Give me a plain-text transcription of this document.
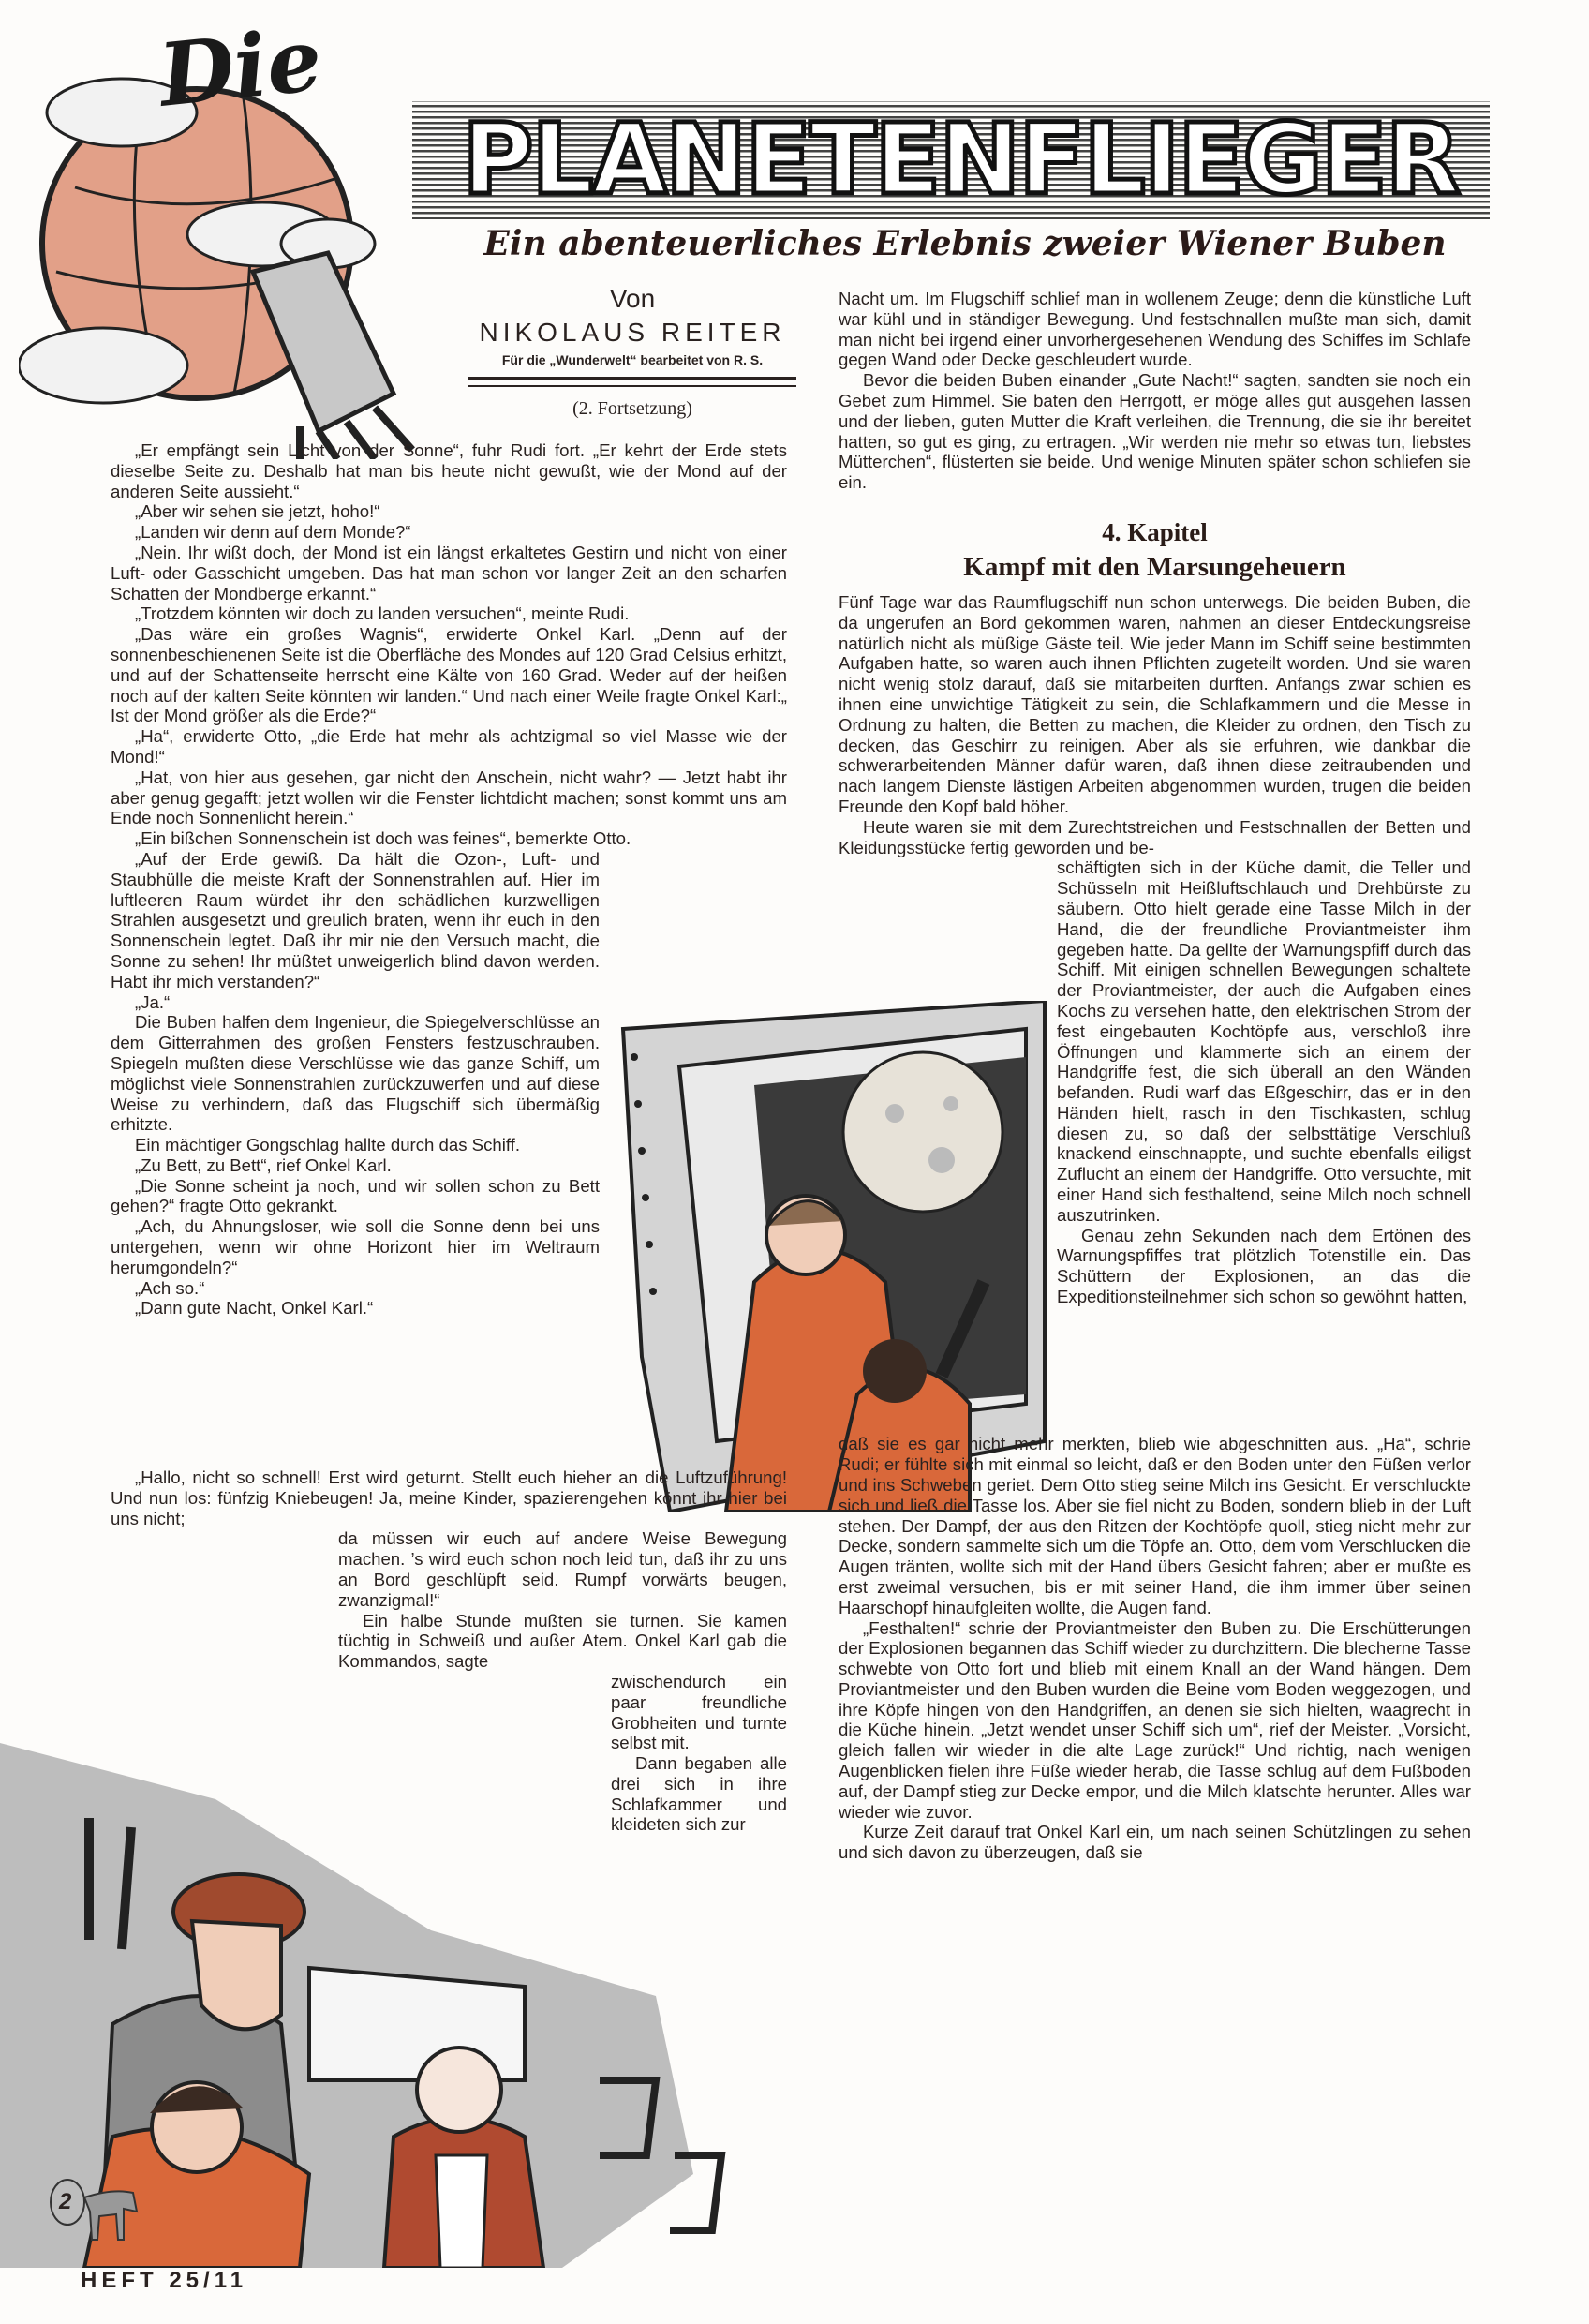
Die
PLANETENFLIEGER
Ein abenteuerliches Erlebnis zweier Wiener Buben
Von
NIKOLAUS REITER
Für die „Wunderwelt“ bearbeitet von R. S.
(2. Fortsetzung)

„Er empfängt sein Licht von der Sonne“, fuhr Rudi fort. „Er kehrt der Erde stets dieselbe Seite zu. Deshalb hat man bis heute nicht gewußt, wie der Mond auf der anderen Seite aussieht.“

„Aber wir sehen sie jetzt, hoho!“

„Landen wir denn auf dem Monde?“

„Nein. Ihr wißt doch, der Mond ist ein längst erkaltetes Gestirn und nicht von einer Luft- oder Gasschicht umgeben. Das hat man schon vor langer Zeit an den scharfen Schatten der Mondberge erkannt.“

„Trotzdem könnten wir doch zu landen versuchen“, meinte Rudi.

„Das wäre ein großes Wagnis“, erwiderte Onkel Karl. „Denn auf der sonnenbeschienenen Seite ist die Oberfläche des Mondes auf 120 Grad Celsius erhitzt, und auf der Schattenseite herrscht eine Kälte von 160 Grad. Weder auf der heißen noch auf der kalten Seite könnten wir landen.“ Und nach einer Weile fragte Onkel Karl:„ Ist der Mond größer als die Erde?“

„Ha“, erwiderte Otto, „die Erde hat mehr als achtzigmal so viel Masse wie der Mond!“

„Hat, von hier aus gesehen, gar nicht den Anschein, nicht wahr? — Jetzt habt ihr aber genug gegafft; jetzt wollen wir die Fenster lichtdicht machen; sonst kommt uns am Ende noch Sonnenlicht herein.“

„Ein bißchen Sonnenschein ist doch was feines“, bemerkte Otto.

„Auf der Erde gewiß. Da hält die Ozon-, Luft- und Staubhülle die meiste Kraft der Sonnenstrahlen auf. Hier im luftleeren Raum würdet ihr den schädlichen kurzwelligen Strahlen ausgesetzt und greulich braten, wenn ihr euch in den Sonnenschein legtet. Daß ihr mir nie den Versuch macht, die Sonne zu sehen! Ihr müßtet unweigerlich blind davon werden. Habt ihr mich verstanden?“

„Ja.“

Die Buben halfen dem Ingenieur, die Spiegelverschlüsse an dem Gitterrahmen des großen Fensters festzuschrauben. Spiegeln mußten diese Verschlüsse wie das ganze Schiff, um möglichst viele Sonnenstrahlen zurückzuwerfen und auf diese Weise zu verhindern, daß das Flugschiff sich übermäßig erhitzte.

Ein mächtiger Gongschlag hallte durch das Schiff.

„Zu Bett, zu Bett“, rief Onkel Karl.

„Die Sonne scheint ja noch, und wir sollen schon zu Bett gehen?“ fragte Otto gekrankt.

„Ach, du Ahnungsloser, wie soll die Sonne denn bei uns untergehen, wenn wir ohne Horizont hier im Weltraum herumgondeln?“

„Ach so.“

„Dann gute Nacht, Onkel Karl.“

„Hallo, nicht so schnell! Erst wird geturnt. Stellt euch hieher an die Luftzuführung! Und nun los: fünfzig Kniebeugen! Ja, meine Kinder, spazierengehen könnt ihr hier bei uns nicht;

da müssen wir euch auf andere Weise Bewegung machen. ’s wird euch schon noch leid tun, daß ihr zu uns an Bord geschlüpft seid. Rumpf vorwärts beugen, zwanzigmal!“

Ein halbe Stunde mußten sie turnen. Sie kamen tüchtig in Schweiß und außer Atem. Onkel Karl gab die Kommandos, sagte

zwischendurch ein paar freundliche Grobheiten und turnte selbst mit.

Dann begaben alle drei sich in ihre Schlafkammer und kleideten sich zur

Nacht um. Im Flugschiff schlief man in wollenem Zeuge; denn die künstliche Luft war kühl und in ständiger Bewegung. Und festschnallen mußte man sich, damit man nicht bei irgend einer unvorhergesehenen Wendung des Schiffes im Schlafe gegen Wand oder Decke geschleudert wurde.

Bevor die beiden Buben einander „Gute Nacht!“ sagten, sandten sie noch ein Gebet zum Himmel. Sie baten den Herrgott, er möge alles gut ausgehen lassen und der lieben, guten Mutter die Kraft verleihen, die Trennung, die sie ihr bereitet hatten, so gut es ging, zu ertragen. „Wir werden nie mehr so etwas tun, liebstes Mütterchen“, flüsterten sie beide. Und wenige Minuten später schon schliefen sie ein.

4. Kapitel
Kampf mit den Marsungeheuern

Fünf Tage war das Raumflugschiff nun schon unterwegs. Die beiden Buben, die da ungerufen an Bord gekommen waren, nahmen an dieser Entdeckungsreise natürlich nicht als müßige Gäste teil. Wie jeder Mann im Schiff seine bestimmten Aufgaben hatte, so waren auch ihnen Pflichten zugeteilt worden. Und sie waren nicht wenig stolz darauf, daß sie mitarbeiten durften. Anfangs zwar schien es ihnen eine unwichtige Tätigkeit zu sein, die Schlafkammern und die Messe in Ordnung zu halten, die Betten zu machen, die Kleider zu ordnen, den Tisch zu decken, das Geschirr zu reinigen. Aber als sie erfuhren, wie dankbar die schwerarbeitenden Männer dafür waren, daß ihnen diese zeitraubenden und nach langem Dienste lästigen Arbeiten abgenommen wurden, trugen die beiden Freunde den Kopf bald höher.

Heute waren sie mit dem Zurechtstreichen und Festschnallen der Betten und Kleidungsstücke fertig geworden und be-

schäftigten sich in der Küche damit, die Teller und Schüsseln mit Heißluftschlauch und Drehbürste zu säubern. Otto hielt gerade eine Tasse Milch in der Hand, die der freundliche Proviantmeister ihm gegeben hatte. Da gellte der Warnungspfiff durch das Schiff. Mit einigen schnellen Bewegungen schaltete der Proviantmeister, der auch die Aufgaben eines Kochs zu versehen hatte, den elektrischen Strom der fest eingebauten Kochtöpfe aus, verschloß ihre Öffnungen und klammerte sich an einem der Handgriffe fest, die sich überall an den Wänden befanden. Rudi warf das Eßgeschirr, das er in den Händen hielt, rasch in den Tischkasten, schlug diesen zu, so daß der selbsttätige Verschluß knackend einschnappte, und suchte ebenfalls eiligst Zuflucht an einem der Handgriffe. Otto versuchte, mit einer Hand sich festhaltend, seine Milch noch schnell auszutrinken.

Genau zehn Sekunden nach dem Ertönen des Warnungspfiffes trat plötzlich Totenstille ein. Das Schüttern der Explosionen, an das die Expeditionsteilnehmer sich schon so gewöhnt hatten,

daß sie es gar nicht mehr merkten, blieb wie abgeschnitten aus. „Ha“, schrie Rudi; er fühlte sich mit einmal so leicht, daß er den Boden unter den Füßen verlor und ins Schweben geriet. Dem Otto stieg seine Milch ins Gesicht. Er verschluckte sich und ließ die Tasse los. Aber sie fiel nicht zu Boden, sondern blieb in der Luft stehen. Der Dampf, der aus den Ritzen der Kochtöpfe quoll, stieg nicht mehr zur Decke, sondern sammelte sich um die Töpfe an. Otto, dem vom Verschlucken die Augen tränten, wollte sich mit der Hand übers Gesicht fahren; aber er mußte es erst zweimal versuchen, bis er mit seiner Hand, die ihm immer über seinen Haarschopf hinaufgleiten wollte, die Augen fand.

„Festhalten!“ schrie der Proviantmeister den Buben zu. Die Erschütterungen der Explosionen begannen das Schiff wieder zu durchzittern. Die blecherne Tasse schwebte von Otto fort und blieb mit einem Knall an der Wand hängen. Dem Proviantmeister und den Buben wurden die Beine vom Boden weggezogen, und ihre Köpfe hingen von den Handgriffen, an denen sie sich hielten, waagrecht in die Küche hinein. „Jetzt wendet unser Schiff sich um“, rief der Meister. „Vorsicht, gleich fallen wir wieder in die alte Lage zurück!“ Und richtig, nach wenigen Augenblicken fielen ihre Füße wieder herab, die Tasse schlug auf dem Fußboden auf, der Dampf stieg zur Decke empor, und die Milch klatschte herunter. Alles war wieder wie zuvor.

Kurze Zeit darauf trat Onkel Karl ein, um nach seinen Schützlingen zu sehen und sich davon zu überzeugen, daß sie

2
HEFT 25/11
